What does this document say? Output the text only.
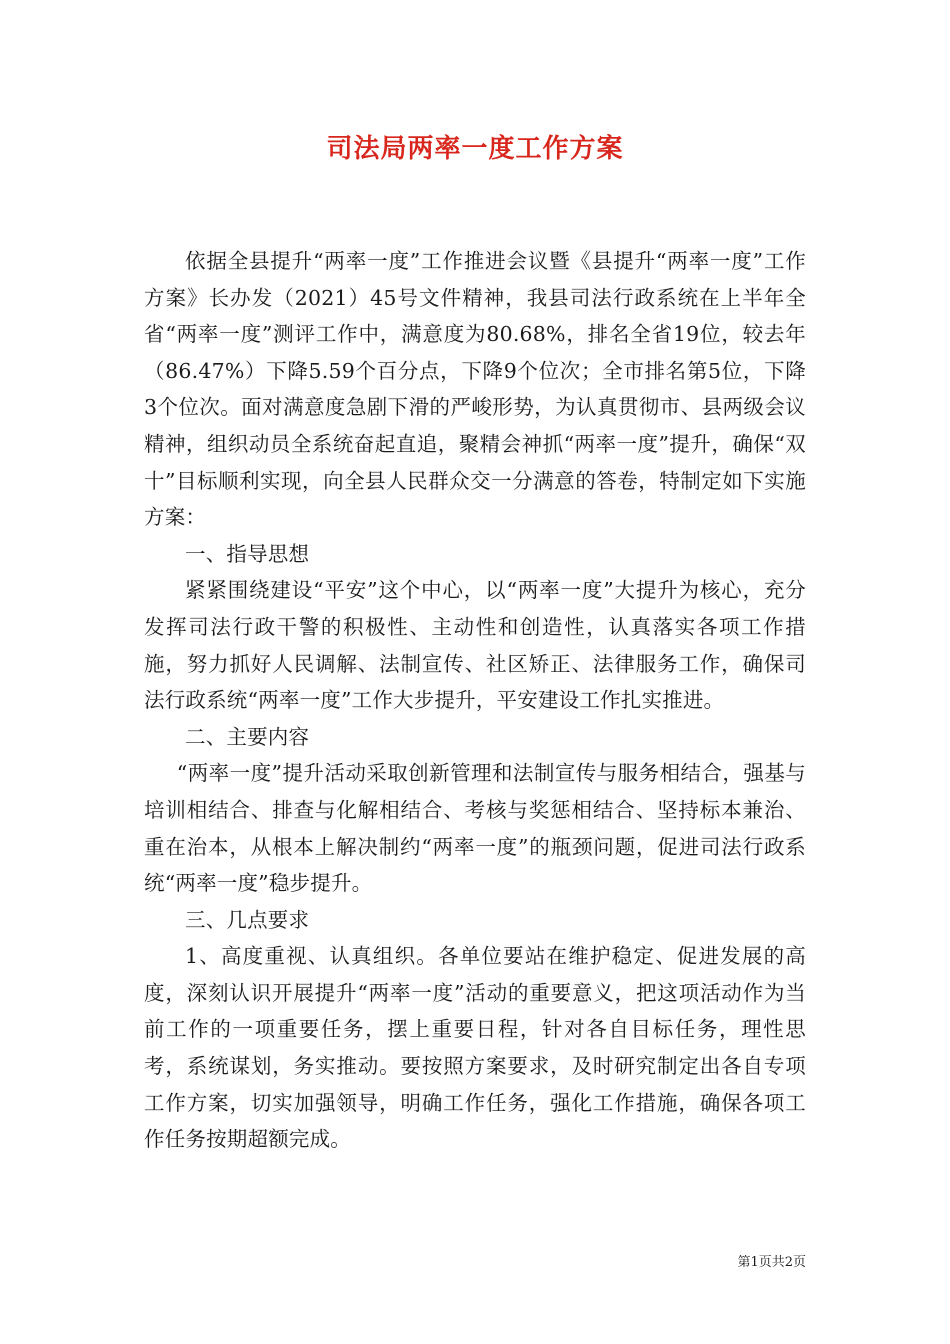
司法局两率一度工作方案

依据全县提升“两率一度”工作推进会议暨《县提升“两率一度”工作方案》长办发（2021）45号文件精神，我县司法行政系统在上半年全省“两率一度”测评工作中，满意度为80.68%，排名全省19位，较去年（86.47%）下降5.59个百分点，下降9个位次；全市排名第5位，下降3个位次。面对满意度急剧下滑的严峻形势，为认真贯彻市、县两级会议精神，组织动员全系统奋起直追，聚精会神抓“两率一度”提升，确保“双十”目标顺利实现，向全县人民群众交一分满意的答卷，特制定如下实施方案：

一、指导思想

紧紧围绕建设“平安”这个中心，以“两率一度”大提升为核心，充分发挥司法行政干警的积极性、主动性和创造性，认真落实各项工作措施，努力抓好人民调解、法制宣传、社区矫正、法律服务工作，确保司法行政系统“两率一度”工作大步提升，平安建设工作扎实推进。

二、主要内容

“两率一度”提升活动采取创新管理和法制宣传与服务相结合，强基与培训相结合、排查与化解相结合、考核与奖惩相结合、坚持标本兼治、重在治本，从根本上解决制约“两率一度”的瓶颈问题，促进司法行政系统“两率一度”稳步提升。

三、几点要求

1、高度重视、认真组织。各单位要站在维护稳定、促进发展的高度，深刻认识开展提升“两率一度”活动的重要意义，把这项活动作为当前工作的一项重要任务，摆上重要日程，针对各自目标任务，理性思考，系统谋划，务实推动。要按照方案要求，及时研究制定出各自专项工作方案，切实加强领导，明确工作任务，强化工作措施，确保各项工作任务按期超额完成。

第1页共2页
